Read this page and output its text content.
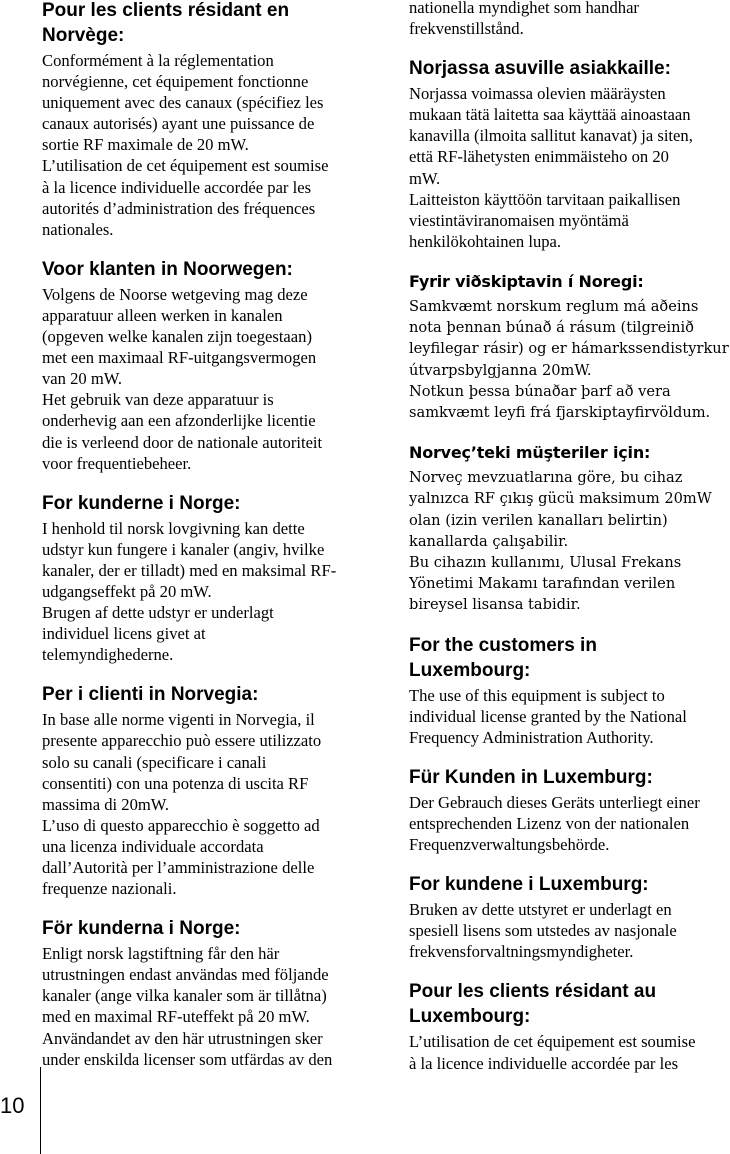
Pour les clients résidant en
Norvège:
Conformément à la réglementation
norvégienne, cet équipement fonctionne
uniquement avec des canaux (spécifiez les
canaux autorisés) ayant une puissance de
sortie RF maximale de 20 mW.
L’utilisation de cet équipement est soumise
à la licence individuelle accordée par les
autorités d’administration des fréquences
nationales.
Voor klanten in Noorwegen:
Volgens de Noorse wetgeving mag deze
apparatuur alleen werken in kanalen
(opgeven welke kanalen zijn toegestaan)
met een maximaal RF-uitgangsvermogen
van 20 mW.
Het gebruik van deze apparatuur is
onderhevig aan een afzonderlijke licentie
die is verleend door de nationale autoriteit
voor frequentiebeheer.
For kunderne i Norge:
I henhold til norsk lovgivning kan dette
udstyr kun fungere i kanaler (angiv, hvilke
kanaler, der er tilladt) med en maksimal RF-
udgangseffekt på 20 mW.
Brugen af dette udstyr er underlagt
individuel licens givet at
telemyndighederne.
Per i clienti in Norvegia:
In base alle norme vigenti in Norvegia, il
presente apparecchio può essere utilizzato
solo su canali (specificare i canali
consentiti) con una potenza di uscita RF
massima di 20mW.
L’uso di questo apparecchio è soggetto ad
una licenza individuale accordata
dall’Autorità per l’amministrazione delle
frequenze nazionali.
För kunderna i Norge:
Enligt norsk lagstiftning får den här
utrustningen endast användas med följande
kanaler (ange vilka kanaler som är tillåtna)
med en maximal RF-uteffekt på 20 mW.
Användandet av den här utrustningen sker
under enskilda licenser som utfärdas av den
nationella myndighet som handhar
frekvenstillstånd.
Norjassa asuville asiakkaille:
Norjassa voimassa olevien määräysten
mukaan tätä laitetta saa käyttää ainoastaan
kanavilla (ilmoita sallitut kanavat) ja siten,
että RF-lähetysten enimmäisteho on 20
mW.
Laitteiston käyttöön tarvitaan paikallisen
viestintäviranomaisen myöntämä
henkilökohtainen lupa.
Fyrir viðskiptavin í Noregi:
Samkvæmt norskum reglum má aðeins
nota þennan búnað á rásum (tilgreinið
leyfilegar rásir) og er hámarkssendistyrkur
útvarpsbylgjanna 20mW.
Notkun þessa búnaðar þarf að vera
samkvæmt leyfi frá fjarskiptayfirvöldum.
Norveç’teki müşteriler için:
Norveç mevzuatlarına göre, bu cihaz
yalnızca RF çıkış gücü maksimum 20mW
olan (izin verilen kanalları belirtin)
kanallarda çalışabilir.
Bu cihazın kullanımı, Ulusal Frekans
Yönetimi Makamı tarafından verilen
bireysel lisansa tabidir.
For the customers in
Luxembourg:
The use of this equipment is subject to
individual license granted by the National
Frequency Administration Authority.
Für Kunden in Luxemburg:
Der Gebrauch dieses Geräts unterliegt einer
entsprechenden Lizenz von der nationalen
Frequenzverwaltungsbehörde.
For kundene i Luxemburg:
Bruken av dette utstyret er underlagt en
spesiell lisens som utstedes av nasjonale
frekvensforvaltningsmyndigheter.
Pour les clients résidant au
Luxembourg:
L’utilisation de cet équipement est soumise
à la licence individuelle accordée par les
10
